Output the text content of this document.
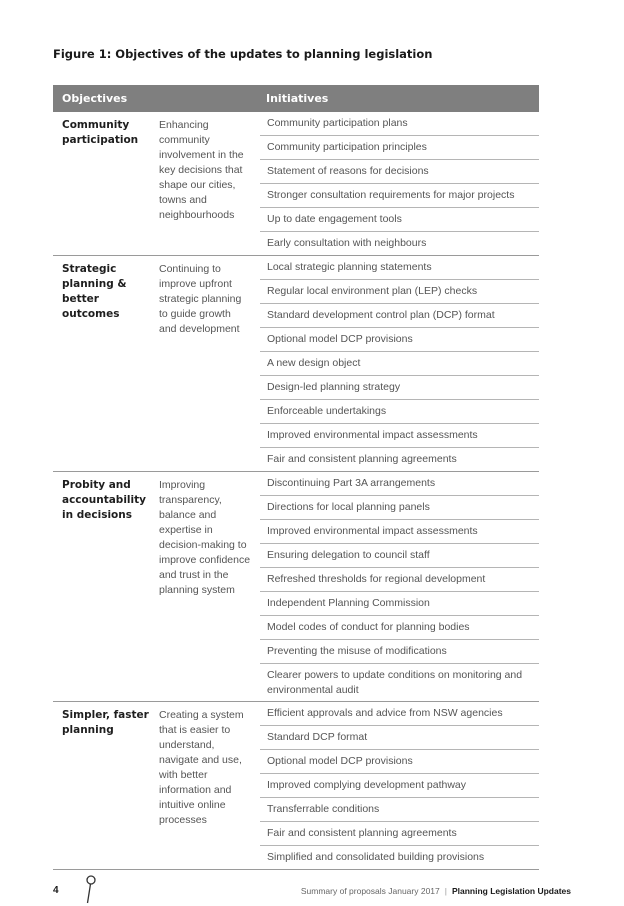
Figure 1: Objectives of the updates to planning legislation
Objectives	Initiatives
Community participation
Enhancing community involvement in the key decisions that shape our cities, towns and neighbourhoods
Community participation plans
Community participation principles
Statement of reasons for decisions
Stronger consultation requirements for major projects
Up to date engagement tools
Early consultation with neighbours
Strategic planning & better outcomes
Continuing to improve upfront strategic planning to guide growth and development
Local strategic planning statements
Regular local environment plan (LEP) checks
Standard development control plan (DCP) format
Optional model DCP provisions
A new design object
Design-led planning strategy
Enforceable undertakings
Improved environmental impact assessments
Fair and consistent planning agreements
Probity and accountability in decisions
Improving transparency, balance and expertise in decision-making to improve confidence and trust in the planning system
Discontinuing Part 3A arrangements
Directions for local planning panels
Improved environmental impact assessments
Ensuring delegation to council staff
Refreshed thresholds for regional development
Independent Planning Commission
Model codes of conduct for planning bodies
Preventing the misuse of modifications
Clearer powers to update conditions on monitoring and environmental audit
Simpler, faster planning
Creating a system that is easier to understand, navigate and use, with better information and intuitive online processes
Efficient approvals and advice from NSW agencies
Standard DCP format
Optional model DCP provisions
Improved complying development pathway
Transferrable conditions
Fair and consistent planning agreements
Simplified and consolidated building provisions
4	Summary of proposals January 2017 | Planning Legislation Updates
